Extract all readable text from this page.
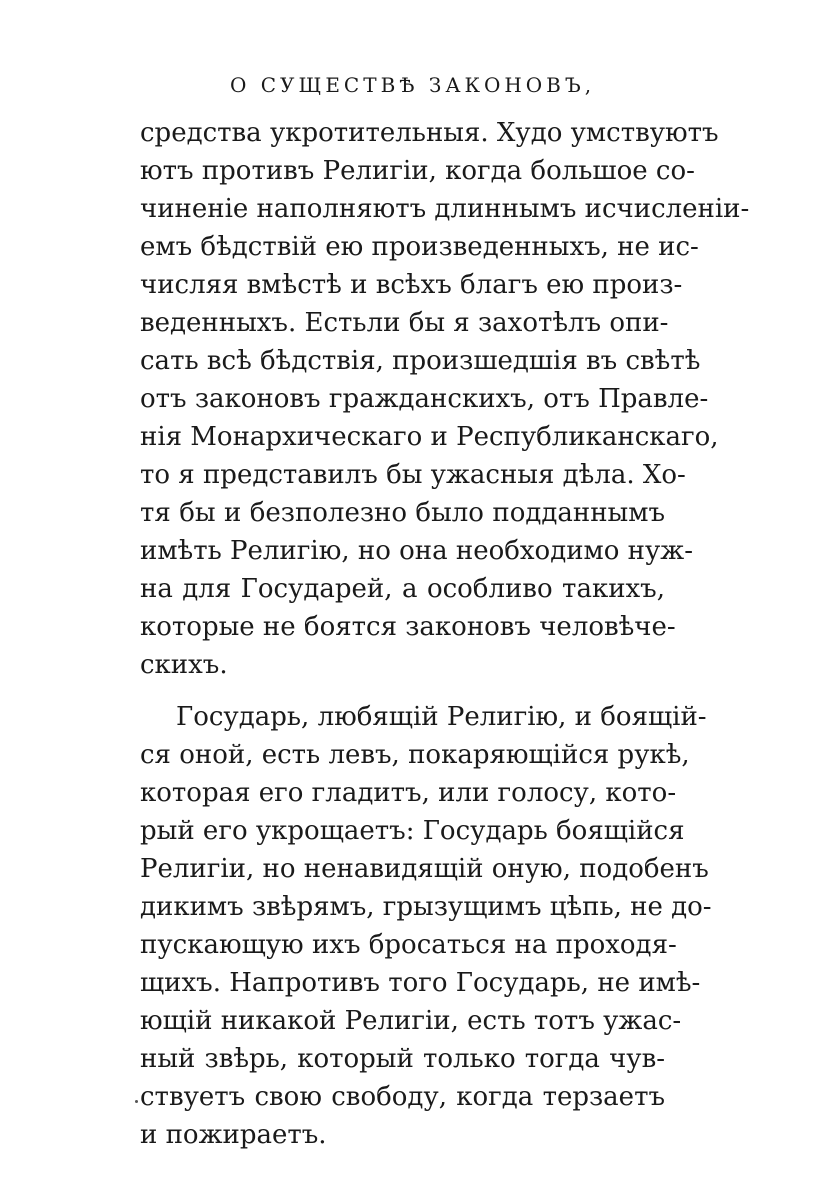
О СУЩЕСТВѢ ЗАКОНОВЪ,
средства укротительныя. Худо умствуютъ
ютъ противъ Религіи, когда большое со-
чиненіе наполняютъ длиннымъ исчисленіи-
емъ бѣдствій ею произведенныхъ, не ис-
числяя вмѣстѣ и всѣхъ благъ ею произ-
веденныхъ. Естьли бы я захотѣлъ опи-
сать всѣ бѣдствія, произшедшія въ свѣтѣ
отъ законовъ гражданскихъ, отъ Правле-
нія Монархическаго и Республиканскаго,
то я представилъ бы ужасныя дѣла. Хо-
тя бы и безполезно было подданнымъ
имѣть Религію, но она необходимо нуж-
на для Государей, а особливо такихъ,
которые не боятся законовъ человѣче-
скихъ.
Государь, любящій Религію, и боящій-
ся оной, есть левъ, покаряющійся рукѣ,
которая его гладитъ, или голосу, кото-
рый его укрощаетъ: Государь боящійся
Религіи, но ненавидящій оную, подобенъ
дикимъ звѣрямъ, грызущимъ цѣпь, не до-
пускающую ихъ бросаться на проходя-
щихъ. Напротивъ того Государь, не имѣ-
ющій никакой Религіи, есть тотъ ужас-
ный звѣрь, который только тогда чув-
ствуетъ свою свободу, когда терзаетъ
и пожираетъ.
